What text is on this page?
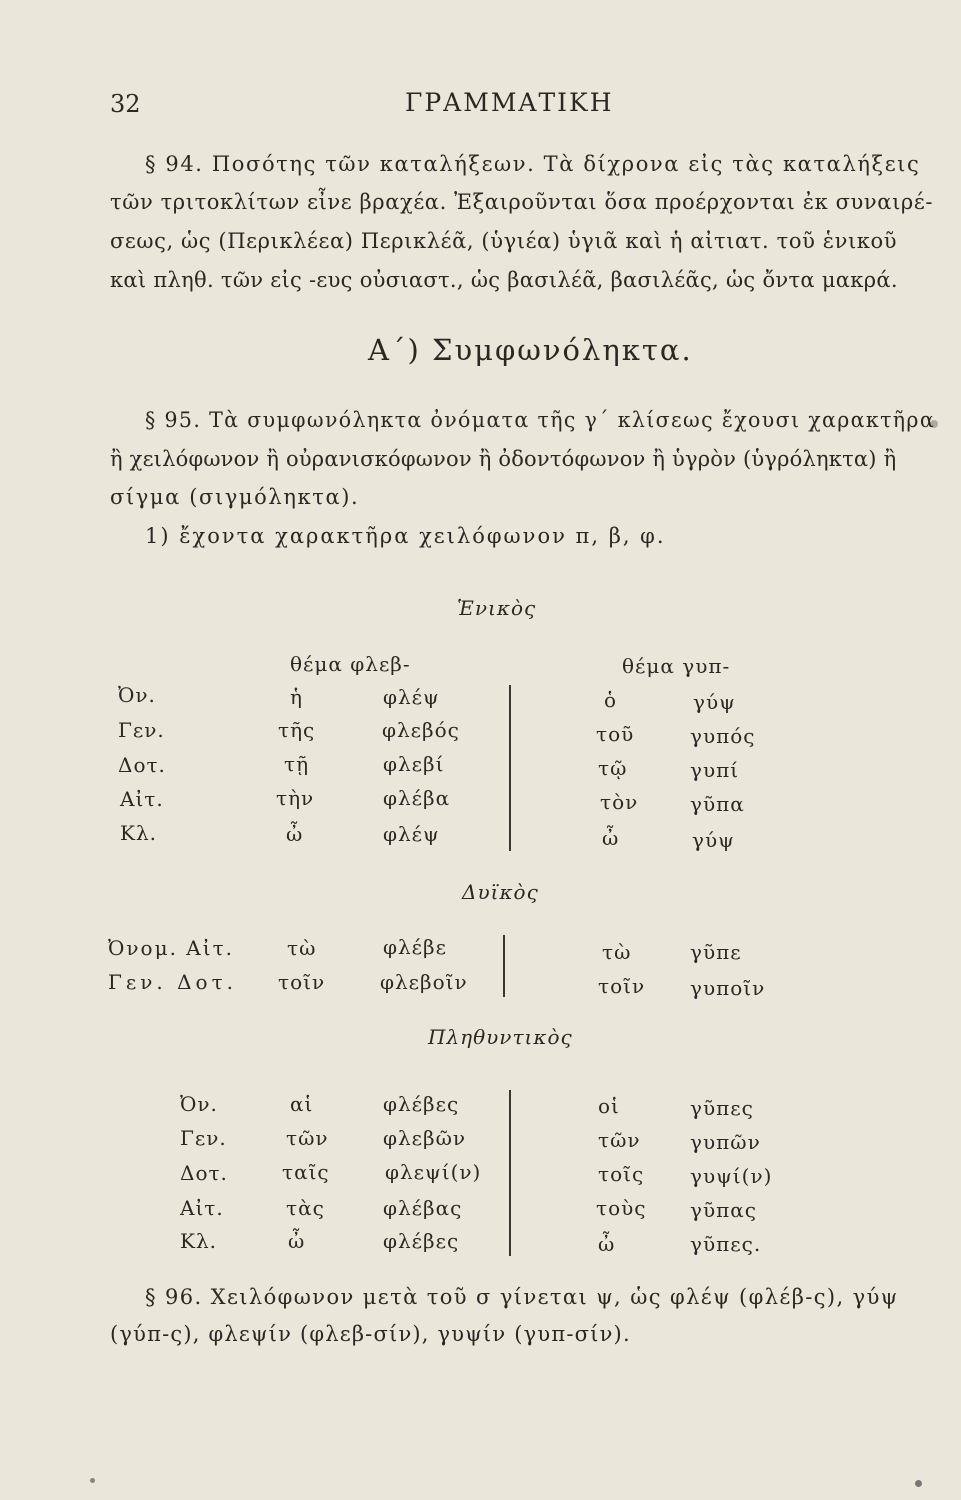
32	ΓΡΑΜΜΑΤΙΚΗ
§ 94. Ποσότης τῶν καταλήξεων. Τὰ δίχρονα εἰς τὰς καταλήξεις
τῶν τριτοκλίτων εἶνε βραχέα. Ἐξαιροῦνται ὅσα προέρχονται ἐκ συναιρέ-
σεως, ὡς (Περικλέεα) Περικλέᾶ, (ὑγιέα) ὑγιᾶ καὶ ἡ αἰτιατ. τοῦ ἑνικοῦ
καὶ πληθ. τῶν εἰς -ευς οὐσιαστ., ὡς βασιλέᾶ, βασιλέᾶς, ὡς ὄντα μακρά.
Α΄) Συμφωνόληκτα.
§ 95. Τὰ συμφωνόληκτα ὀνόματα τῆς γ΄ κλίσεως ἔχουσι χαρακτῆρα
ἢ χειλόφωνον ἢ οὐρανισκόφωνον ἢ ὀδοντόφωνον ἢ ὑγρὸν (ὑγρόληκτα) ἢ
σίγμα (σιγμόληκτα).
1) ἔχοντα χαρακτῆρα χειλόφωνον π, β, φ.
Ἑνικὸς
θέμα φλεβ-	θέμα γυπ-
Ὀν.	ἡ	φλέψ	ὁ	γύψ
Γεν.	τῆς	φλεβός	τοῦ	γυπός
Δοτ.	τῇ	φλεβί	τῷ	γυπί
Αἰτ.	τὴν	φλέβα	τὸν	γῦπα
Κλ.	ὦ	φλέψ	ὦ	γύψ
Δυϊκὸς
Ὀνομ. Αἰτ.	τὼ	φλέβε	τὼ	γῦπε
Γεν. Δοτ. τοῖν	φλεβοῖν	τοῖν γυποῖν
Πληθυντικὸς
Ὀν.	αἱ	φλέβες	οἱ	γῦπες
Γεν.	τῶν	φλεβῶν	τῶν γυπῶν
Δοτ.	ταῖς	φλεψί(ν)	τοῖς γυψί(ν)
Αἰτ.	τὰς	φλέβας	τοὺς γῦπας
Κλ.	ὦ	φλέβες	ὦ	γῦπες.
§ 96. Χειλόφωνον μετὰ τοῦ σ γίνεται ψ, ὡς φλέψ (φλέβ-ς), γύψ
(γύπ-ς), φλεψίν (φλεβ-σίν), γυψίν (γυπ-σίν).
